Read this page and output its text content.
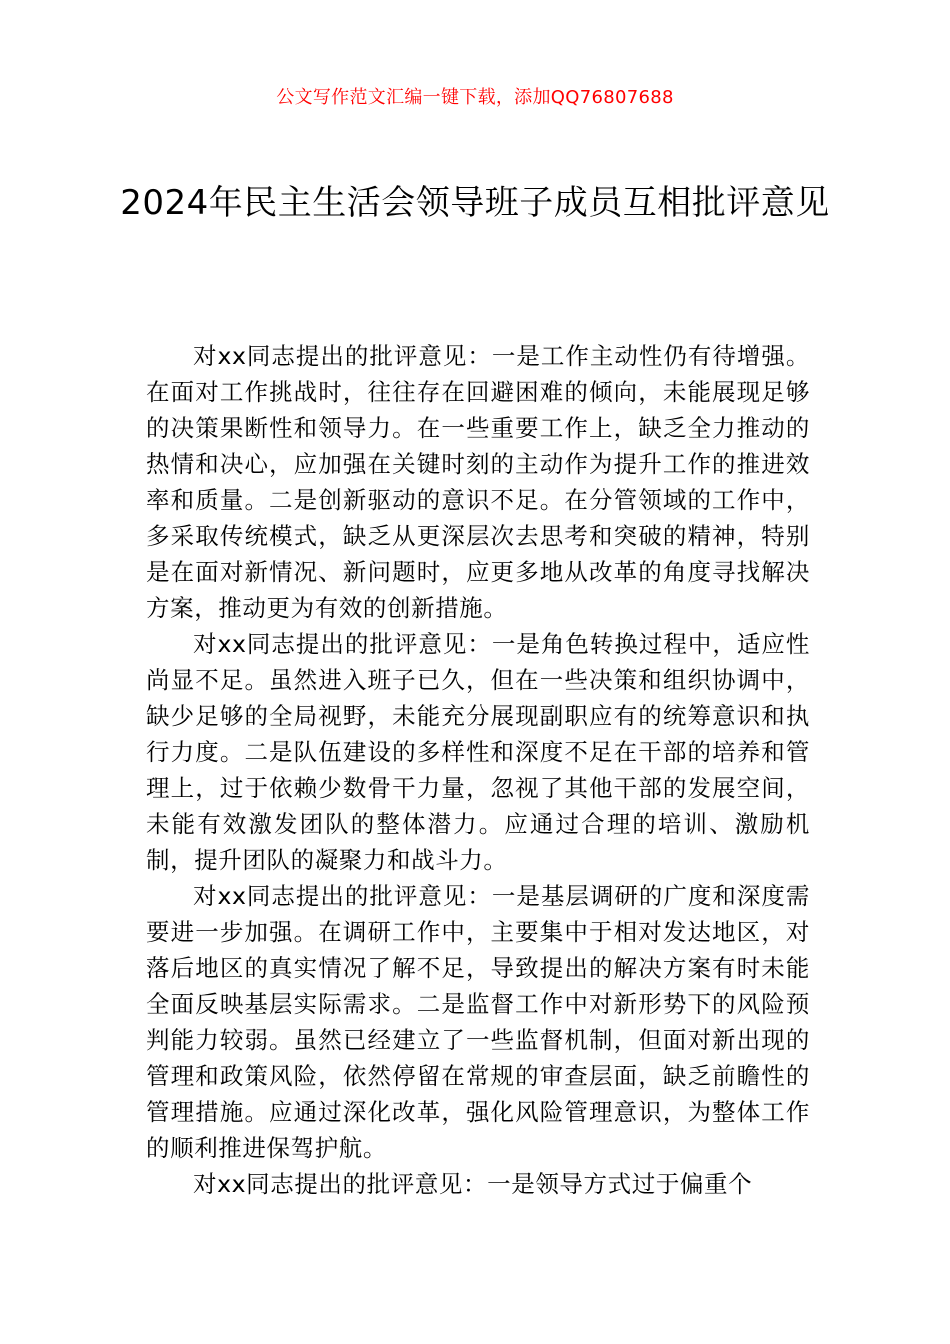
公文写作范文汇编一键下载，添加QQ76807688
2024年民主生活会领导班子成员互相批评意见

对xx同志提出的批评意见：一是工作主动性仍有待增强。在面对工作挑战时，往往存在回避困难的倾向，未能展现足够的决策果断性和领导力。在一些重要工作上，缺乏全力推动的热情和决心，应加强在关键时刻的主动作为提升工作的推进效率和质量。二是创新驱动的意识不足。在分管领域的工作中，多采取传统模式，缺乏从更深层次去思考和突破的精神，特别是在面对新情况、新问题时，应更多地从改革的角度寻找解决方案，推动更为有效的创新措施。

对xx同志提出的批评意见：一是角色转换过程中，适应性尚显不足。虽然进入班子已久，但在一些决策和组织协调中，缺少足够的全局视野，未能充分展现副职应有的统筹意识和执行力度。二是队伍建设的多样性和深度不足在干部的培养和管理上，过于依赖少数骨干力量，忽视了其他干部的发展空间，未能有效激发团队的整体潜力。应通过合理的培训、激励机制，提升团队的凝聚力和战斗力。

对xx同志提出的批评意见：一是基层调研的广度和深度需要进一步加强。在调研工作中，主要集中于相对发达地区，对落后地区的真实情况了解不足，导致提出的解决方案有时未能全面反映基层实际需求。二是监督工作中对新形势下的风险预判能力较弱。虽然已经建立了一些监督机制，但面对新出现的管理和政策风险，依然停留在常规的审查层面，缺乏前瞻性的管理措施。应通过深化改革，强化风险管理意识，为整体工作的顺利推进保驾护航。

对xx同志提出的批评意见：一是领导方式过于偏重个
